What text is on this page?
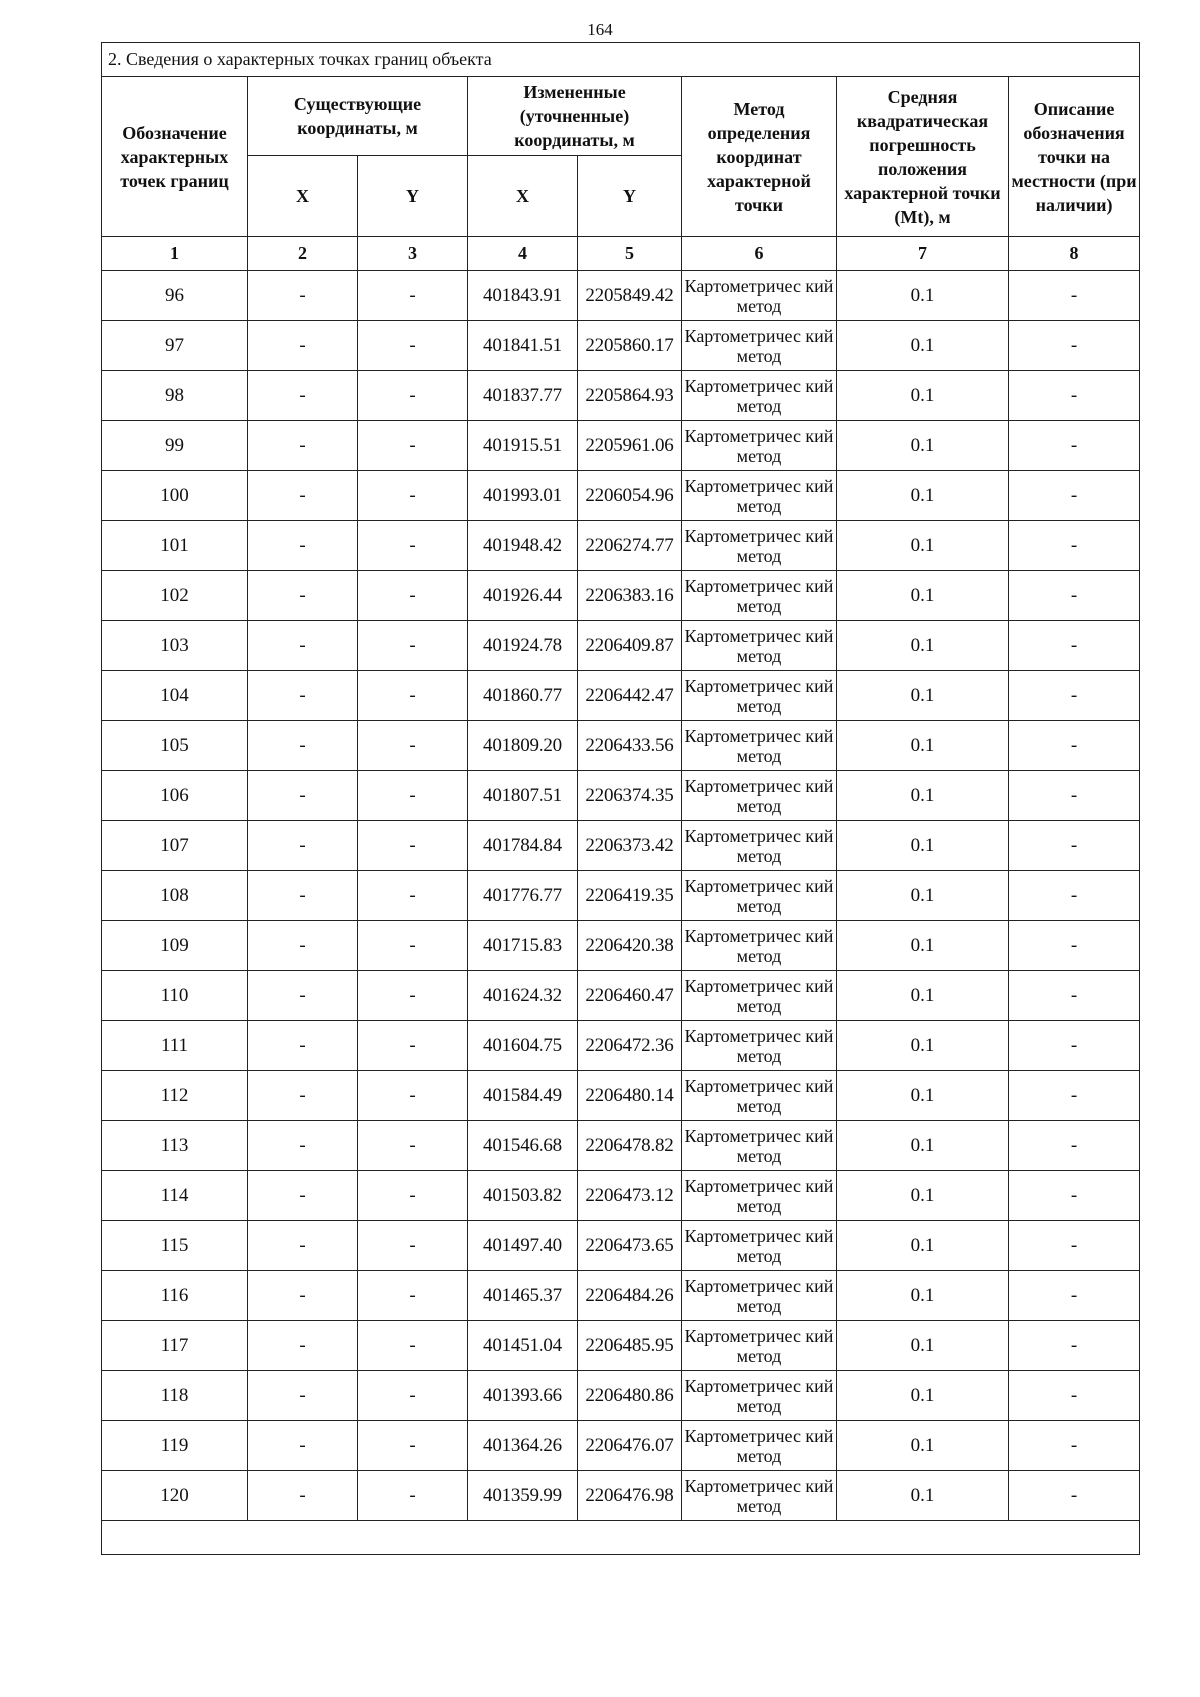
164
2. Сведения о характерных точках границ объекта							
Обозначение характерных точек границ	Существующие координаты, м		Измененные (уточненные) координаты, м		Метод определения координат характерной точки	Средняя квадратическая погрешность положения характерной точки (Mt), м	Описание обозначения точки на местности (при наличии)
	X	Y	X	Y			
1	2	3	4	5	6	7	8
96	-	-	401843.91	2205849.42	Картометричес кий метод	0.1	-
97	-	-	401841.51	2205860.17	Картометричес кий метод	0.1	-
98	-	-	401837.77	2205864.93	Картометричес кий метод	0.1	-
99	-	-	401915.51	2205961.06	Картометричес кий метод	0.1	-
100	-	-	401993.01	2206054.96	Картометричес кий метод	0.1	-
101	-	-	401948.42	2206274.77	Картометричес кий метод	0.1	-
102	-	-	401926.44	2206383.16	Картометричес кий метод	0.1	-
103	-	-	401924.78	2206409.87	Картометричес кий метод	0.1	-
104	-	-	401860.77	2206442.47	Картометричес кий метод	0.1	-
105	-	-	401809.20	2206433.56	Картометричес кий метод	0.1	-
106	-	-	401807.51	2206374.35	Картометричес кий метод	0.1	-
107	-	-	401784.84	2206373.42	Картометричес кий метод	0.1	-
108	-	-	401776.77	2206419.35	Картометричес кий метод	0.1	-
109	-	-	401715.83	2206420.38	Картометричес кий метод	0.1	-
110	-	-	401624.32	2206460.47	Картометричес кий метод	0.1	-
111	-	-	401604.75	2206472.36	Картометричес кий метод	0.1	-
112	-	-	401584.49	2206480.14	Картометричес кий метод	0.1	-
113	-	-	401546.68	2206478.82	Картометричес кий метод	0.1	-
114	-	-	401503.82	2206473.12	Картометричес кий метод	0.1	-
115	-	-	401497.40	2206473.65	Картометричес кий метод	0.1	-
116	-	-	401465.37	2206484.26	Картометричес кий метод	0.1	-
117	-	-	401451.04	2206485.95	Картометричес кий метод	0.1	-
118	-	-	401393.66	2206480.86	Картометричес кий метод	0.1	-
119	-	-	401364.26	2206476.07	Картометричес кий метод	0.1	-
120	-	-	401359.99	2206476.98	Картометричес кий метод	0.1	-
